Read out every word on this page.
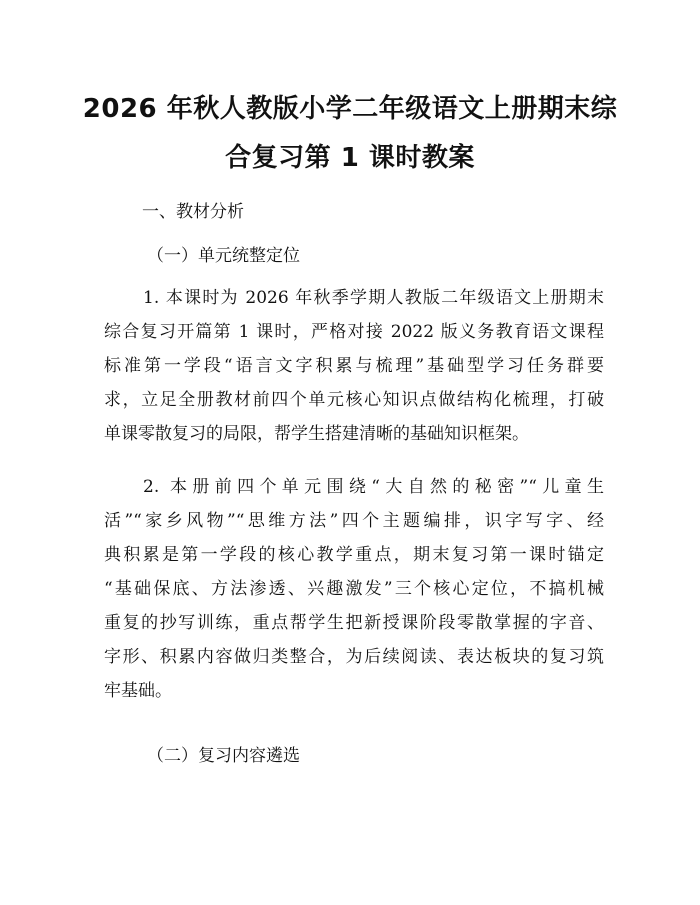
2026 年秋人教版小学二年级语文上册期末综
合复习第 1 课时教案
一、教材分析
（一）单元统整定位
1. 本课时为 2026 年秋季学期人教版二年级语文上册期末
综合复习开篇第 1 课时，严格对接 2022 版义务教育语文课程
标准第一学段“语言文字积累与梳理”基础型学习任务群要
求，立足全册教材前四个单元核心知识点做结构化梳理，打破
单课零散复习的局限，帮学生搭建清晰的基础知识框架。
2. 本册前四个单元围绕“大自然的秘密”“儿童生
活”“家乡风物”“思维方法”四个主题编排，识字写字、经
典积累是第一学段的核心教学重点，期末复习第一课时锚定
“基础保底、方法渗透、兴趣激发”三个核心定位，不搞机械
重复的抄写训练，重点帮学生把新授课阶段零散掌握的字音、
字形、积累内容做归类整合，为后续阅读、表达板块的复习筑
牢基础。
（二）复习内容遴选
